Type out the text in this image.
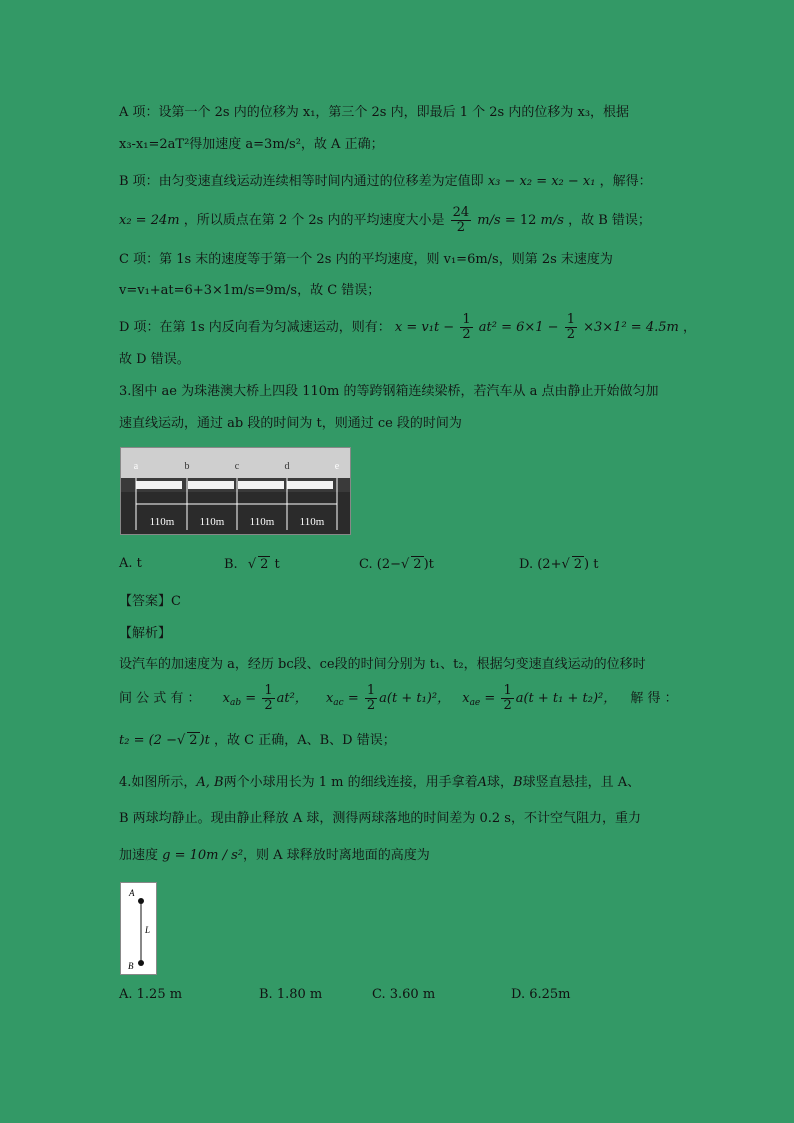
A 项：设第一个 2s 内的位移为 x₁，第三个 2s 内，即最后 1 个 2s 内的位移为 x₃，根据
x₃-x₁=2aT²得加速度 a=3m/s²，故 A 正确；
B 项：由匀变速直线运动连续相等时间内通过的位移差为定值即 x₃ − x₂ = x₂ − x₁ ，解得：
x₂ = 24m ，所以质点在第 2 个 2s 内的平均速度大小是 $\frac{24}{2} m/s = 12$ m/s ，故 B 错误；
C 项：第 1s 末的速度等于第一个 2s 内的平均速度，则 v₁=6m/s，则第 2s 末速度为
v=v₁+at=6+3×1m/s=9m/s，故 C 错误；
D 项：在第 1s 内反向看为匀减速运动，则有： $x = v_1t - \frac{1}{2} at^2 = 6\times 1 - \frac{1}{2} \times 3\times 1^2 = 4.5m$ ，
故 D 错误。
3.图中 ae 为珠港澳大桥上四段 110m 的等跨钢箱连续梁桥，若汽车从 a 点由静止开始做匀加
速直线运动，通过 ab 段的时间为 t，则通过 ce 段的时间为
a	b	c	d	e
110m 110m 110m 110m
A. t	B. √ 2 t	C. (2−√ 2 )t	D. (2+√ 2 ) t
【答案】C
【解析】
设汽车的加速度为 a，经历 bc段、ce段的时间分别为 t₁、t₂，根据匀变速直线运动的位移时
间 公 式 有 ： $x_{ab} = \frac{1}{2} at^2$， $x_{ac} = \frac{1}{2} a(t + t_1)^2$， $x_{ae} = \frac{1}{2} a(t + t_1 + t_2)^2$， 解 得 ：
t₂ = (2 −√ 2 )t ，故 C 正确，A、B、D 错误；
4.如图所示，A, B两个小球用长为 1 m 的细线连接，用手拿着A球，B球竖直悬挂，且 A、
B 两球均静止。现由静止释放 A 球，测得两球落地的时间差为 0.2 s，不计空气阻力，重力
加速度 g = 10m / s²，则 A 球释放时离地面的高度为
A
L
B
A. 1.25 m	B. 1.80 m	C. 3.60 m	D. 6.25m
